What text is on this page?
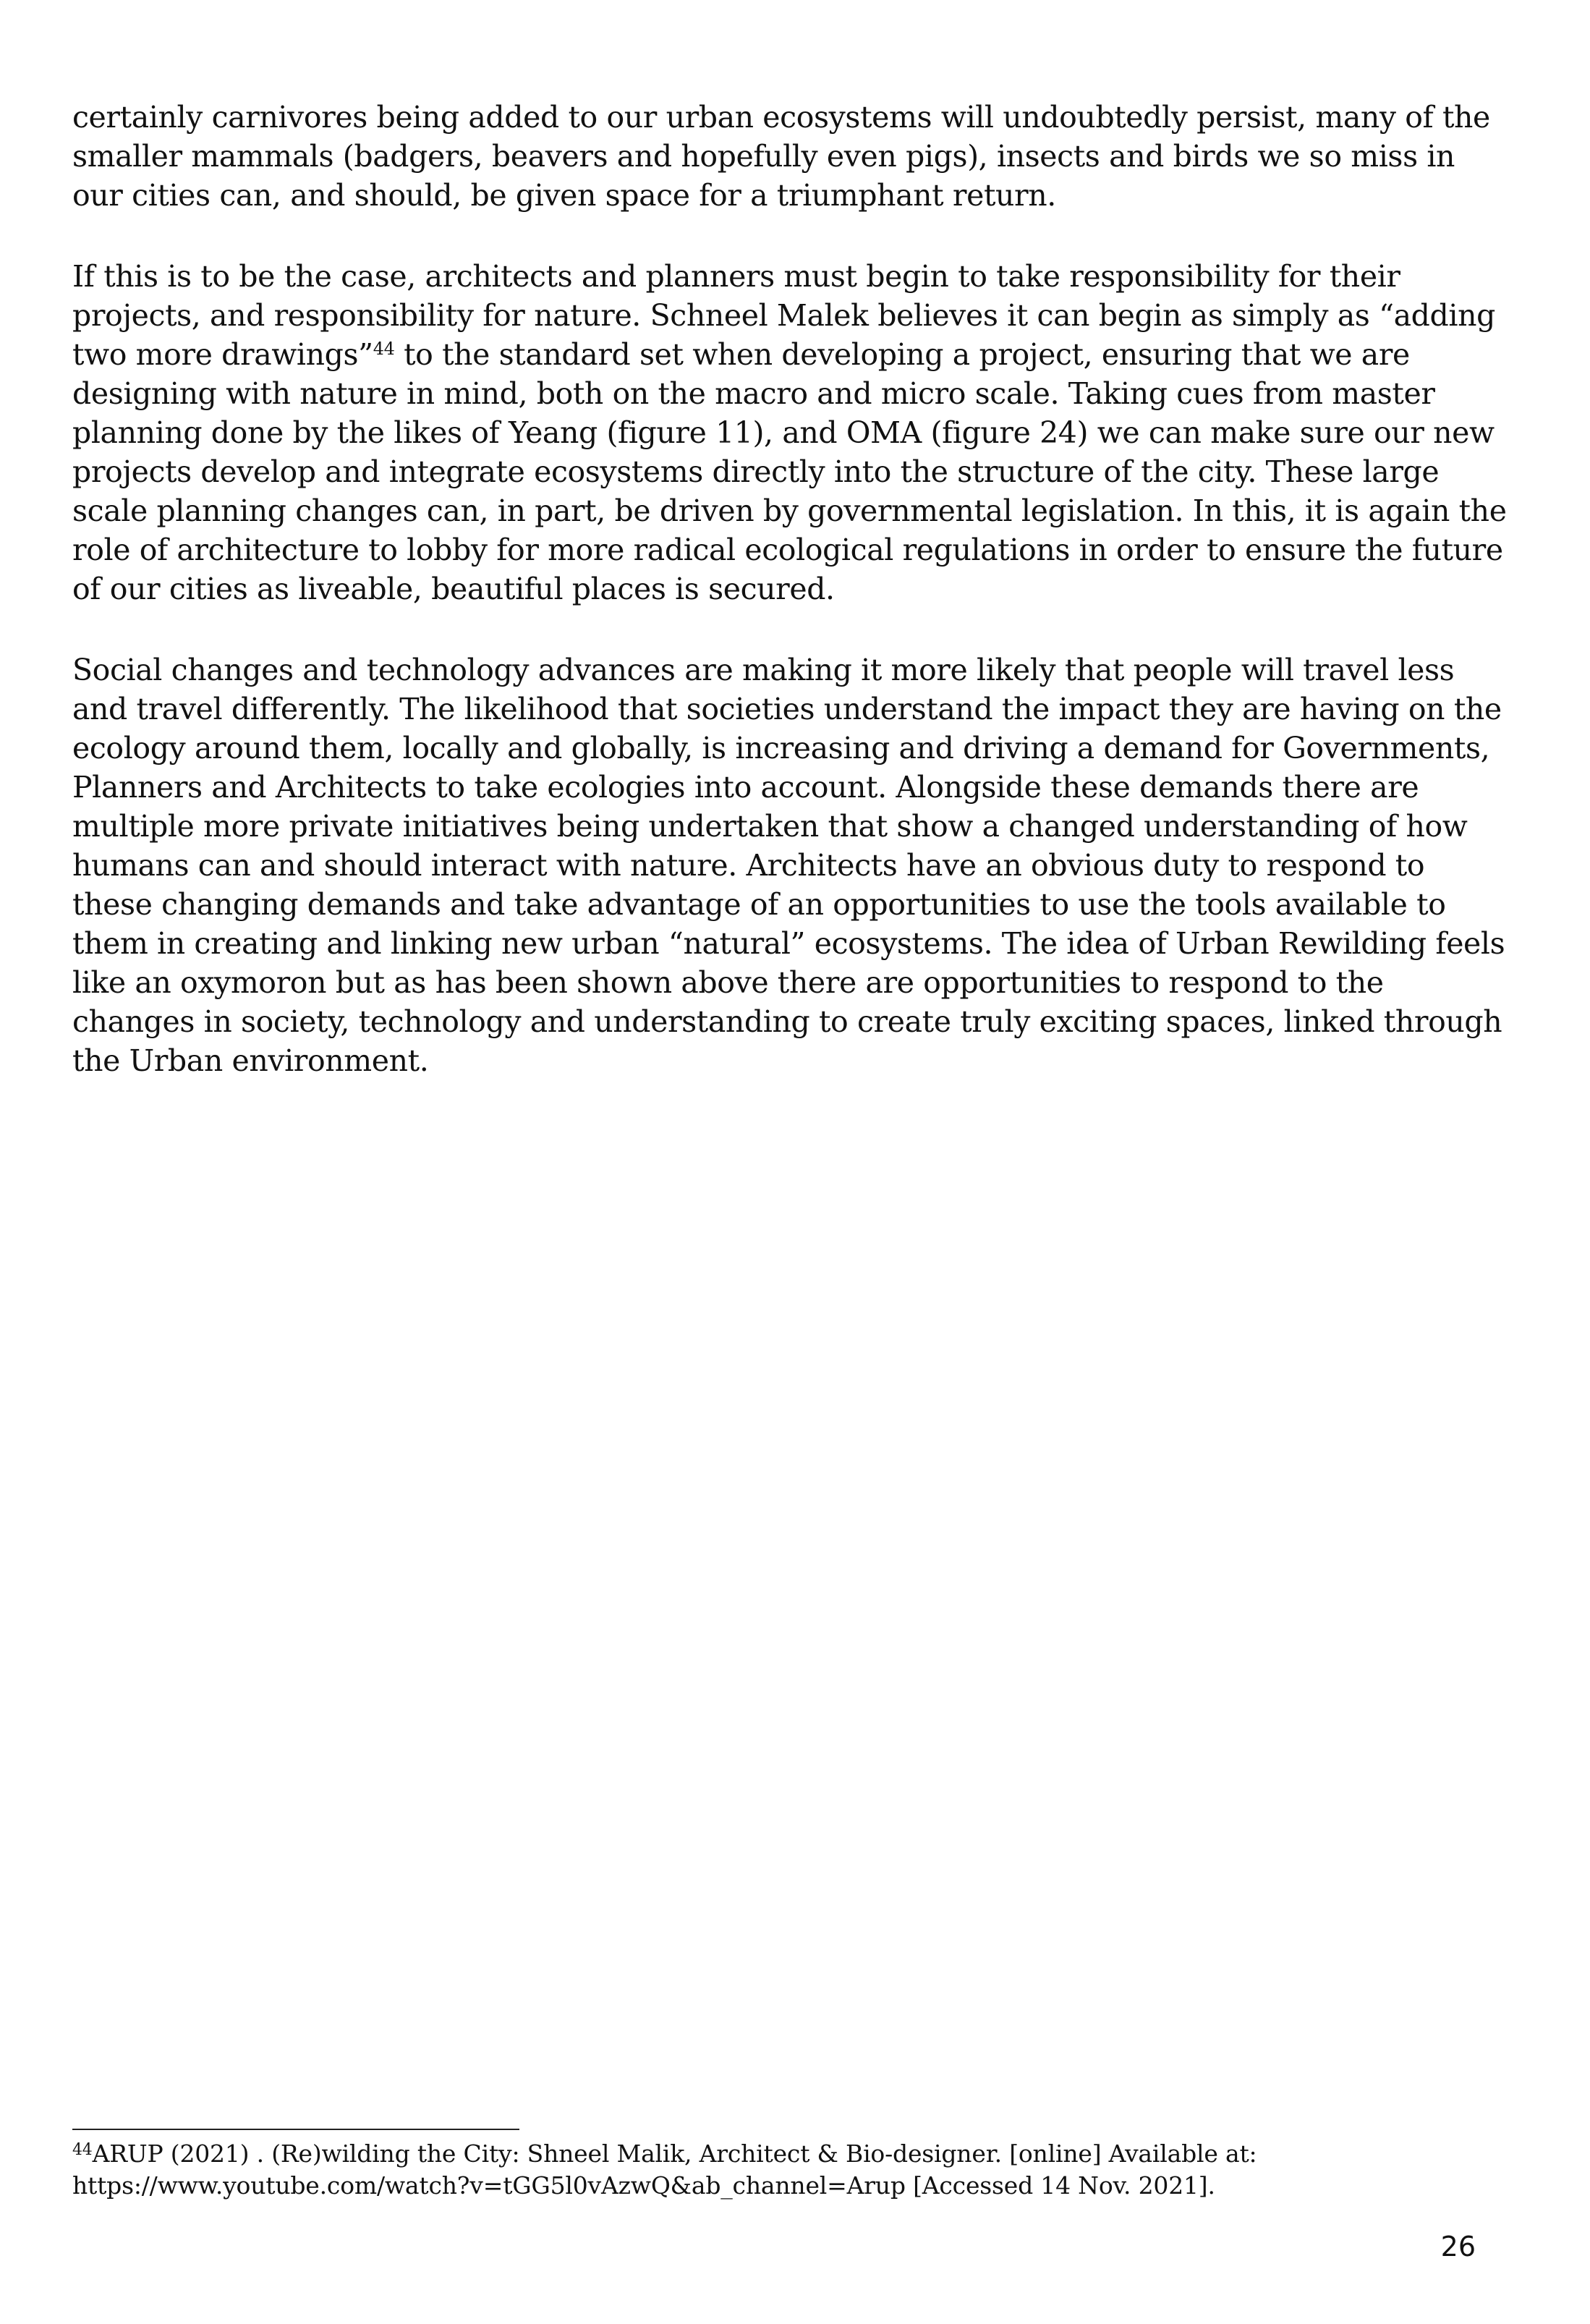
certainly carnivores being added to our urban ecosystems will undoubtedly persist, many of the smaller mammals (badgers, beavers and hopefully even pigs), insects and birds we so miss in our cities can, and should, be given space for a triumphant return.

If this is to be the case, architects and planners must begin to take responsibility for their projects, and responsibility for nature. Schneel Malek believes it can begin as simply as “adding two more drawings”$^{44}$ to the standard set when developing a project, ensuring that we are designing with nature in mind, both on the macro and micro scale. Taking cues from master planning done by the likes of Yeang (figure 11), and OMA (figure 24) we can make sure our new projects develop and integrate ecosystems directly into the structure of the city. These large scale planning changes can, in part, be driven by governmental legislation. In this, it is again the role of architecture to lobby for more radical ecological regulations in order to ensure the future of our cities as liveable, beautiful places is secured.

Social changes and technology advances are making it more likely that people will travel less and travel differently. The likelihood that societies understand the impact they are having on the ecology around them, locally and globally, is increasing and driving a demand for Governments, Planners and Architects to take ecologies into account. Alongside these demands there are multiple more private initiatives being undertaken that show a changed understanding of how humans can and should interact with nature. Architects have an obvious duty to respond to these changing demands and take advantage of an opportunities to use the tools available to them in creating and linking new urban “natural” ecosystems. The idea of Urban Rewilding feels like an oxymoron but as has been shown above there are opportunities to respond to the changes in society, technology and understanding to create truly exciting spaces, linked through the Urban environment.

$^{44}$ARUP (2021) . (Re)wilding the City: Shneel Malik, Architect & Bio-designer. [online] Available at: https://www.youtube.com/watch?v=tGG5l0vAzwQ&ab_channel=Arup [Accessed 14 Nov. 2021].
26
